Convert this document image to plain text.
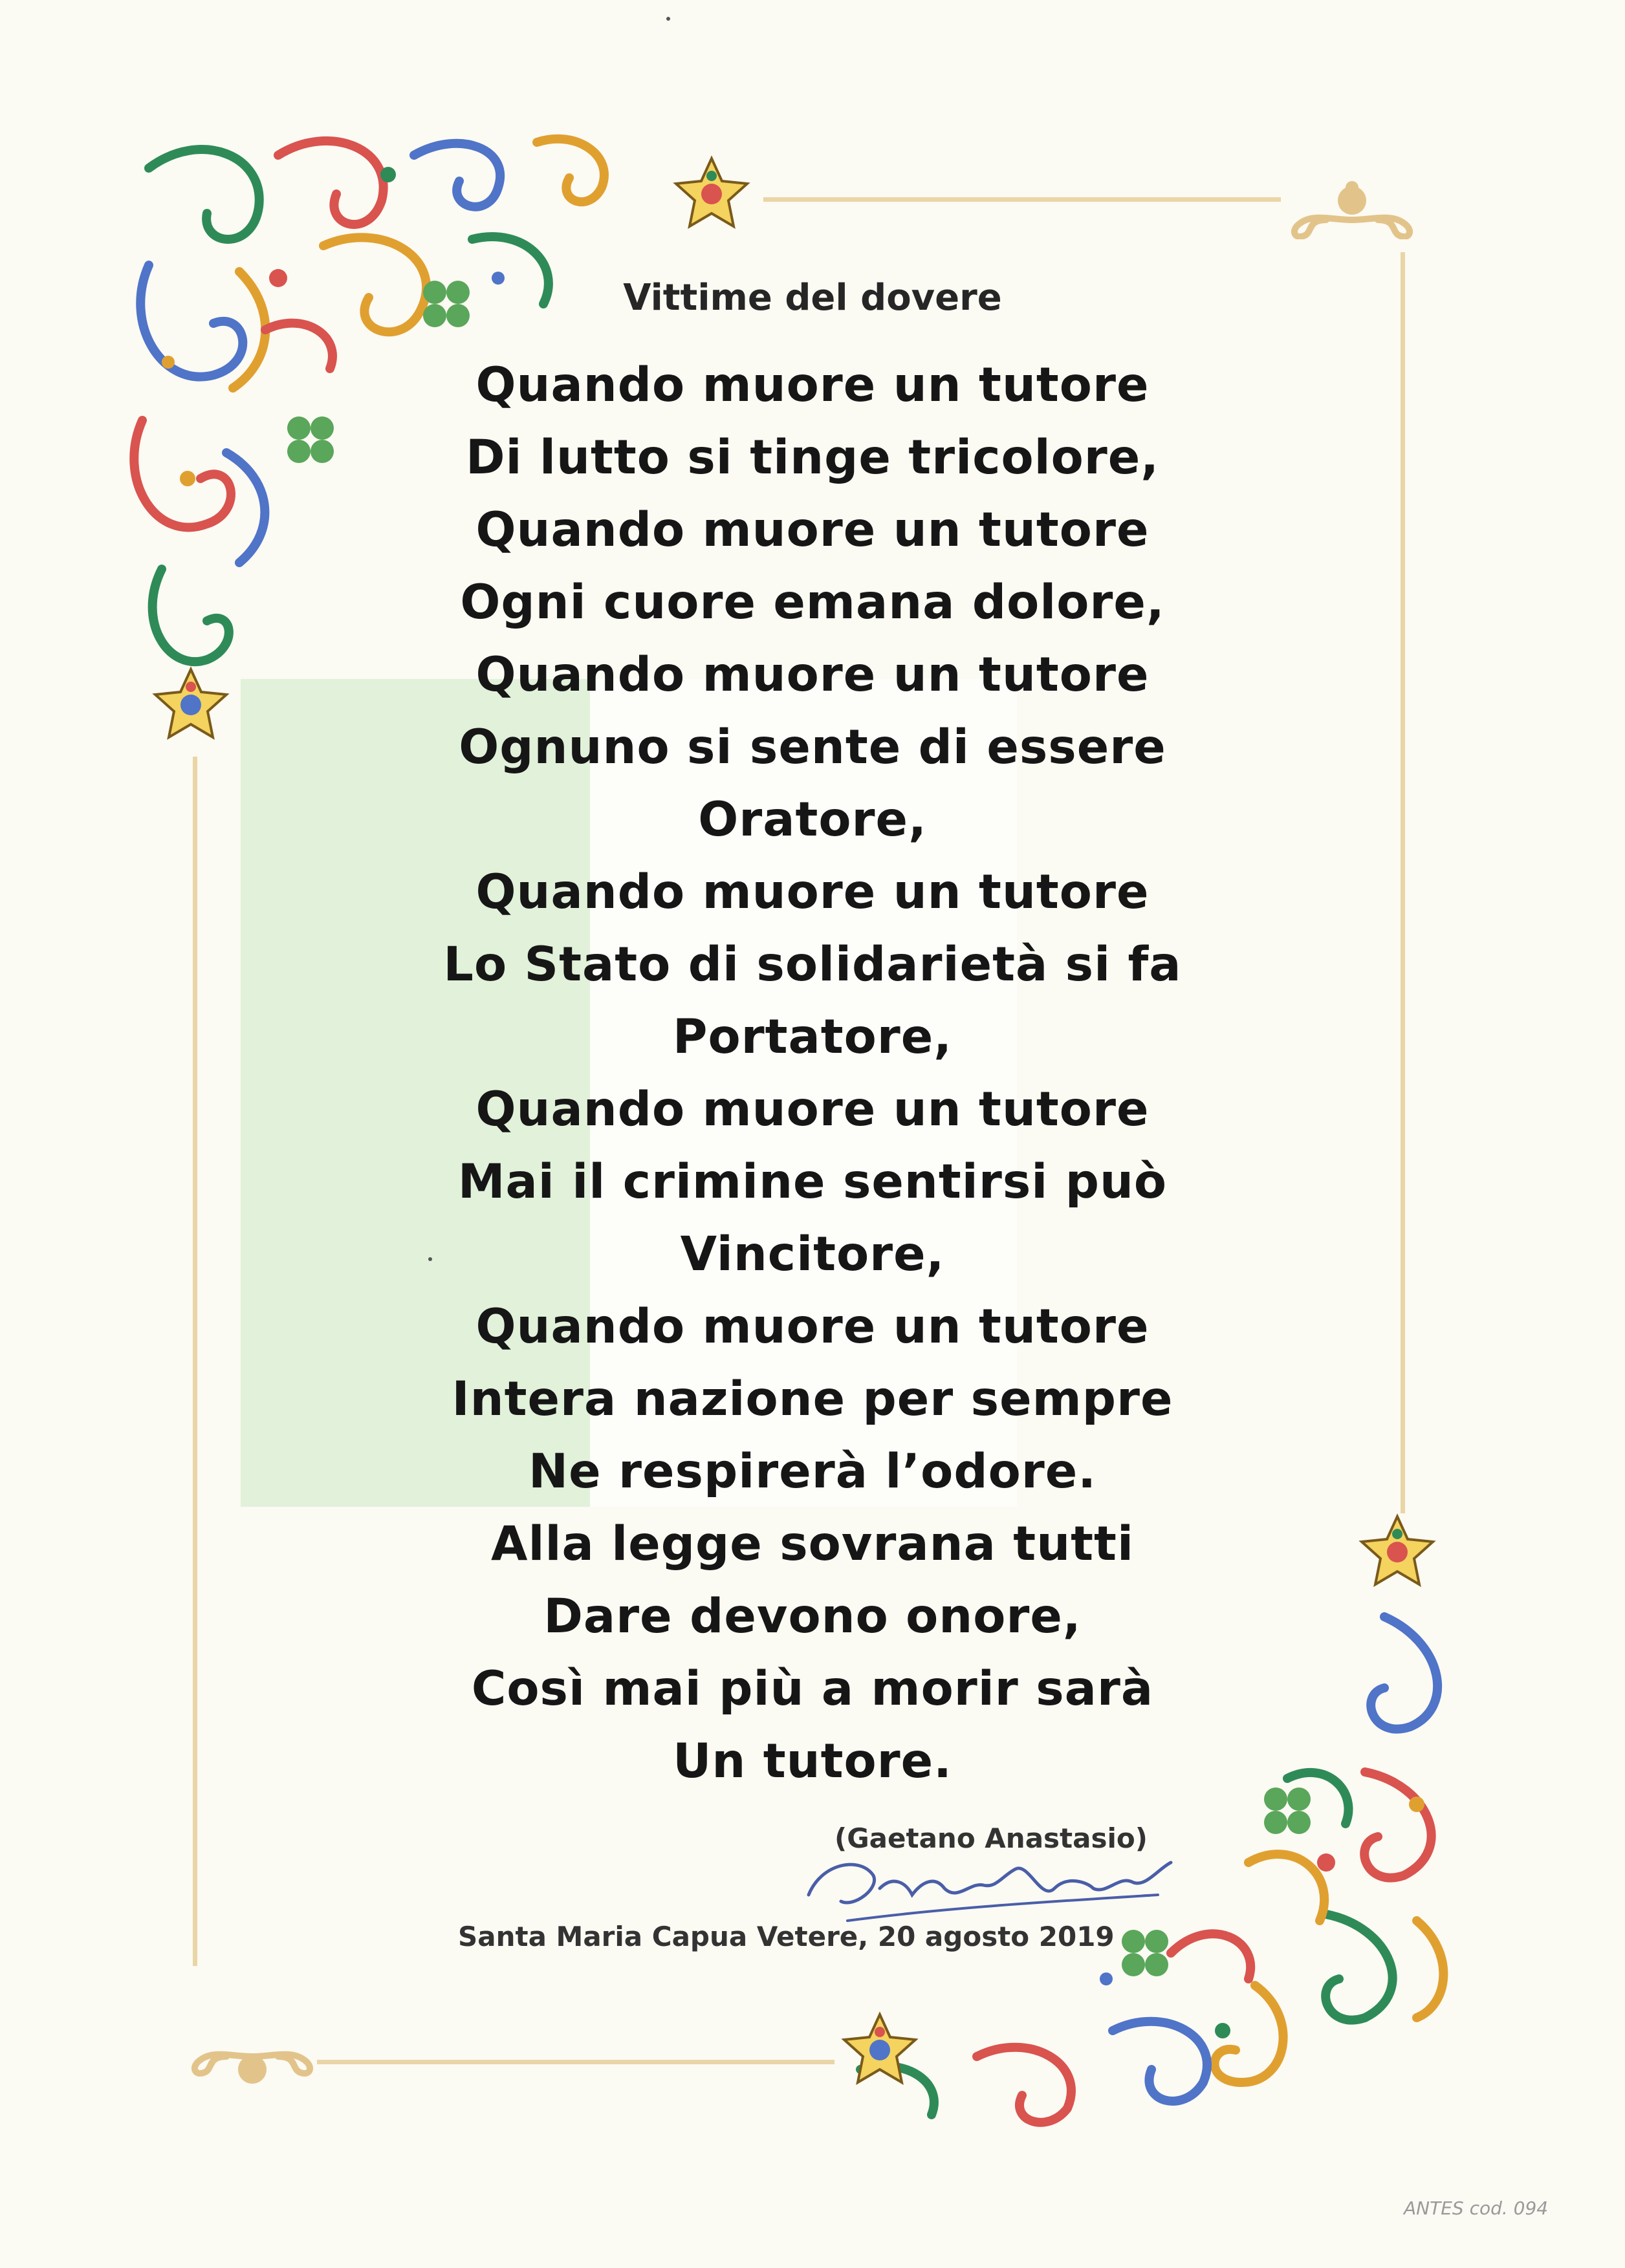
Vittime del dovere
Quando muore un tutore
Di lutto si tinge tricolore,
Quando muore un tutore
Ogni cuore emana dolore,
Quando muore un tutore
Ognuno si sente di essere
Oratore,
Quando muore un tutore
Lo Stato di solidarietà si fa
Portatore,
Quando muore un tutore
Mai il crimine sentirsi può
Vincitore,
Quando muore un tutore
Intera nazione per sempre
Ne respirerà l’odore.
Alla legge sovrana tutti
Dare devono onore,
Così mai più a morir sarà
Un tutore.
(Gaetano Anastasio)
Santa Maria Capua Vetere, 20 agosto 2019
ANTES cod. 094
